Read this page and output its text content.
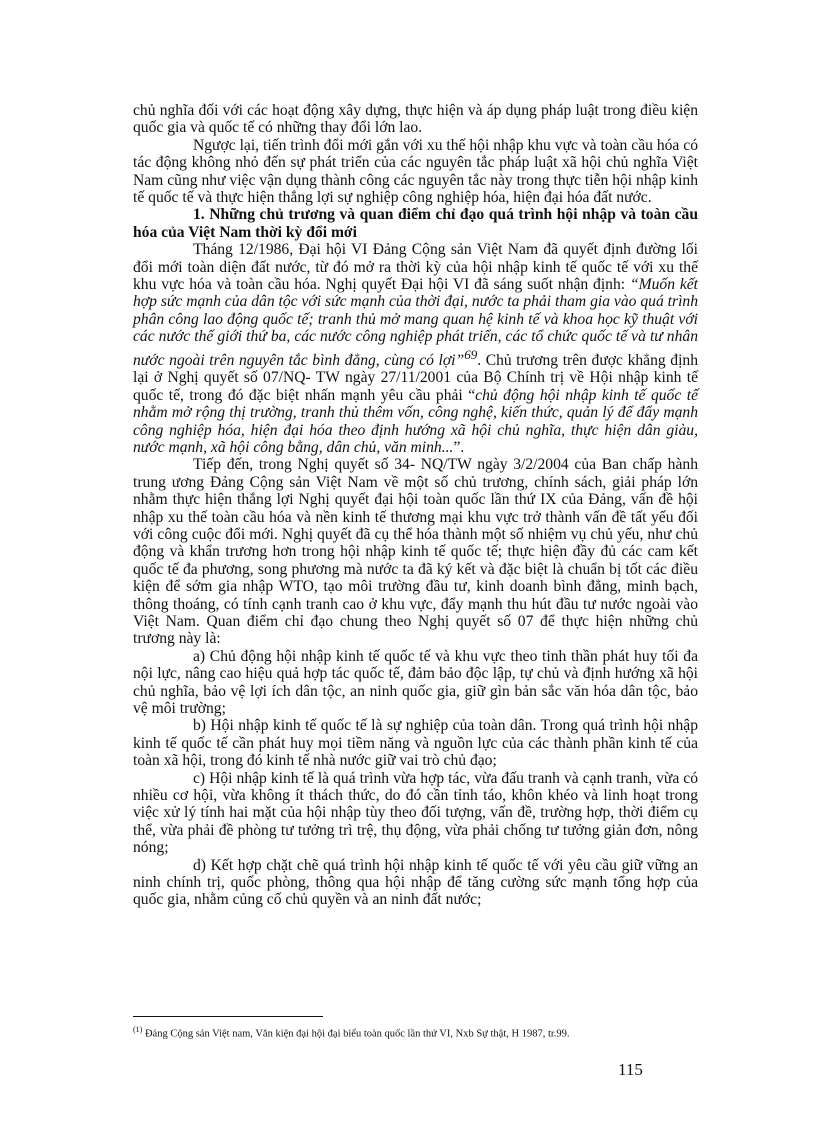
chủ nghĩa đối với các hoạt động xây dựng, thực hiện và áp dụng pháp luật trong điều kiện quốc gia và quốc tế có những thay đổi lớn lao.

Ngược lại, tiến trình đổi mới gắn với xu thế hội nhập khu vực và toàn cầu hóa có tác động không nhỏ đến sự phát triển của các nguyên tắc pháp luật xã hội chủ nghĩa Việt Nam cũng như việc vận dụng thành công các nguyên tắc này trong thực tiễn hội nhập kinh tế quốc tế và thực hiện thắng lợi sự nghiệp công nghiệp hóa, hiện đại hóa đất nước.

1. Những chủ trương và quan điểm chỉ đạo quá trình hội nhập và toàn cầu hóa của Việt Nam thời kỳ đổi mới

Tháng 12/1986, Đại hội VI Đảng Cộng sản Việt Nam đã quyết định đường lối đổi mới toàn diện đất nước, từ đó mở ra thời kỳ của hội nhập kinh tế quốc tế với xu thế khu vực hóa và toàn cầu hóa. Nghị quyết Đại hội VI đã sáng suốt nhận định: “Muốn kết hợp sức mạnh của dân tộc với sức mạnh của thời đại, nước ta phải tham gia vào quá trình phân công lao động quốc tế; tranh thủ mở mang quan hệ kinh tế và khoa học kỹ thuật với các nước thế giới thứ ba, các nước công nghiệp phát triển, các tổ chức quốc tế và tư nhân nước ngoài trên nguyên tắc bình đẳng, cùng có lợi”$^{69}$. Chủ trương trên được khẳng định lại ở Nghị quyết số 07/NQ- TW ngày 27/11/2001 của Bộ Chính trị về Hội nhập kinh tế quốc tế, trong đó đặc biệt nhấn mạnh yêu cầu phải “chủ động hội nhập kinh tế quốc tế nhằm mở rộng thị trường, tranh thủ thêm vốn, công nghệ, kiến thức, quản lý để đẩy mạnh công nghiệp hóa, hiện đại hóa theo định hướng xã hội chủ nghĩa, thực hiện dân giàu, nước mạnh, xã hội công bằng, dân chủ, văn minh...”.

Tiếp đến, trong Nghị quyết số 34- NQ/TW ngày 3/2/2004 của Ban chấp hành trung ương Đảng Cộng sản Việt Nam về một số chủ trương, chính sách, giải pháp lớn nhằm thực hiện thắng lợi Nghị quyết đại hội toàn quốc lần thứ IX của Đảng, vấn đề hội nhập xu thế toàn cầu hóa và nền kinh tế thương mại khu vực trở thành vấn đề tất yếu đối với công cuộc đổi mới. Nghị quyết đã cụ thể hóa thành một số nhiệm vụ chủ yếu, như chủ động và khẩn trương hơn trong hội nhập kinh tế quốc tế; thực hiện đầy đủ các cam kết quốc tế đa phương, song phương mà nước ta đã ký kết và đặc biệt là chuẩn bị tốt các điều kiện để sớm gia nhập WTO, tạo môi trường đầu tư, kinh doanh bình đẳng, minh bạch, thông thoáng, có tính cạnh tranh cao ở khu vực, đẩy mạnh thu hút đầu tư nước ngoài vào Việt Nam. Quan điểm chỉ đạo chung theo Nghị quyết số 07 để thực hiện những chủ trương này là:

a) Chủ động hội nhập kinh tế quốc tế và khu vực theo tinh thần phát huy tối đa nội lực, nâng cao hiệu quả hợp tác quốc tế, đảm bảo độc lập, tự chủ và định hướng xã hội chủ nghĩa, bảo vệ lợi ích dân tộc, an ninh quốc gia, giữ gìn bản sắc văn hóa dân tộc, bảo vệ môi trường;

b) Hội nhập kinh tế quốc tế là sự nghiệp của toàn dân. Trong quá trình hội nhập kinh tế quốc tế cần phát huy mọi tiềm năng và nguồn lực của các thành phần kinh tế của toàn xã hội, trong đó kinh tế nhà nước giữ vai trò chủ đạo;

c) Hội nhập kinh tế là quá trình vừa hợp tác, vừa đấu tranh và cạnh tranh, vừa có nhiều cơ hội, vừa không ít thách thức, do đó cần tỉnh táo, khôn khéo và linh hoạt trong việc xử lý tính hai mặt của hội nhập tùy theo đối tượng, vấn đề, trường hợp, thời điểm cụ thể, vừa phải đề phòng tư tưởng trì trệ, thụ động, vừa phải chống tư tưởng giản đơn, nông nóng;

d) Kết hợp chặt chẽ quá trình hội nhập kinh tế quốc tế với yêu cầu giữ vững an ninh chính trị, quốc phòng, thông qua hội nhập để tăng cường sức mạnh tổng hợp của quốc gia, nhằm củng cố chủ quyền và an ninh đất nước;

$^{(1)}$ Đảng Cộng sản Việt nam, Văn kiện đại hội đại biểu toàn quốc lần thứ VI, Nxb Sự thật, H 1987, tr.99.
115
